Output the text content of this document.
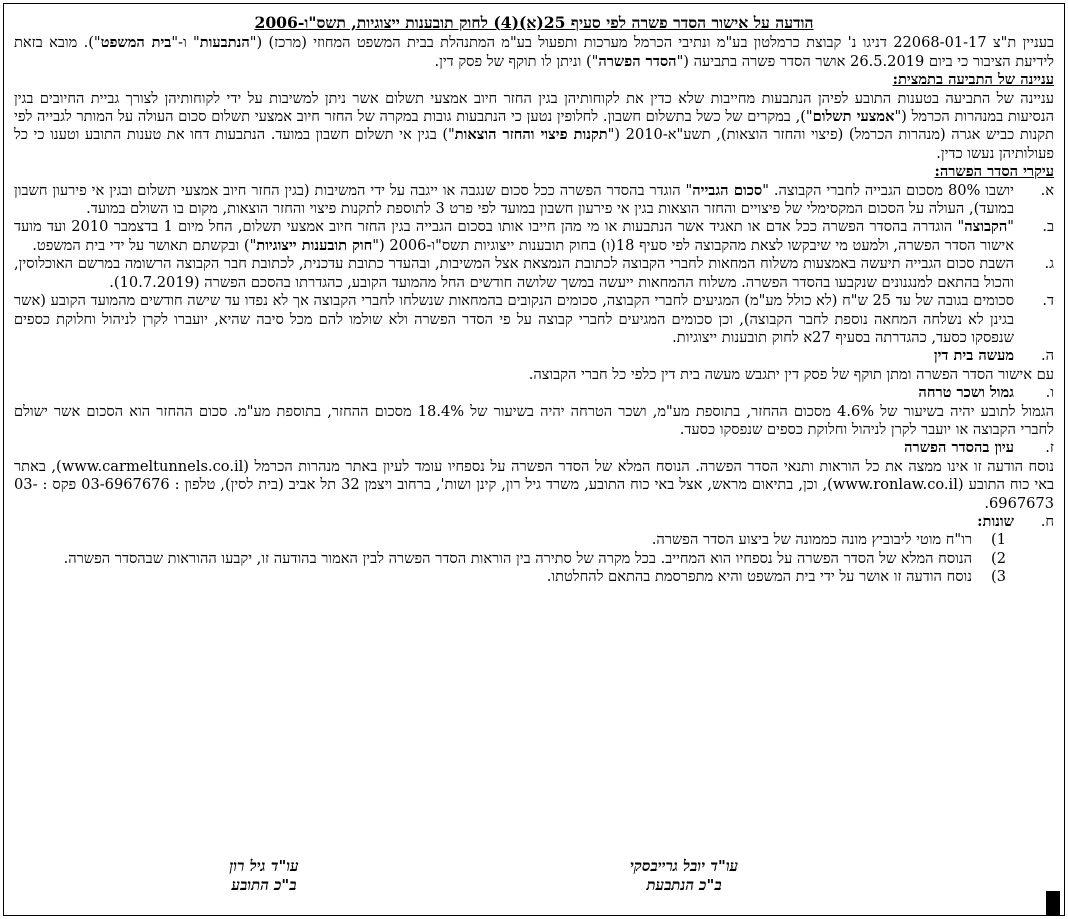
הודעה על אישור הסדר פשרה לפי סעיף 25(א)(4) לחוק תובענות ייצוגיות, תשס"ו-2006

בעניין ת"צ 22068-01-17 דניגו נ' קבוצת כרמלטון בע"מ ונתיבי הכרמל מערכות ותפעול בע"מ המתנהלת בבית המשפט המחוזי (מרכז) ("הנתבעות" ו-"בית המשפט"). מובא בזאת לידיעת הציבור כי ביום 26.5.2019 אושר הסדר פשרה בתביעה ("הסדר הפשרה") וניתן לו תוקף של פסק דין.

עניינה של התביעה בתמצית:

עניינה של התביעה בטענות התובע לפיהן הנתבעות מחייבות שלא כדין את לקוחותיהן בגין החזר חיוב אמצעי תשלום אשר ניתן למשיבות על ידי לקוחותיהן לצורך גביית החיובים בגין הנסיעות במנהרות הכרמל ("אמצעי תשלום"), במקרים של כשל בתשלום חשבון. לחלופין נטען כי הנתבעות גובות במקרה של החזר חיוב אמצעי תשלום סכום העולה על המותר לגבייה לפי תקנות כביש אגרה (מנהרות הכרמל) (פיצוי והחזר הוצאות), תשע"א-2010 ("תקנות פיצוי והחזר הוצאות") בגין אי תשלום חשבון במועד. הנתבעות דחו את טענות התובע וטענו כי כל פעולותיהן נעשו כדין.

עיקרי הסדר הפשרה:

א.
יושבו 80% מסכום הגבייה לחברי הקבוצה. "סכום הגבייה" הוגדר בהסדר הפשרה ככל סכום שנגבה או ייגבה על ידי המשיבות (בגין החזר חיוב אמצעי תשלום ובגין אי פירעון חשבון במועד), העולה על הסכום המקסימלי של פיצויים והחזר הוצאות בגין אי פירעון חשבון במועד לפי פרט 3 לתוספת לתקנות פיצוי והחזר הוצאות, מקום בו השולם במועד.

ב.
"הקבוצה" הוגדרה בהסדר הפשרה ככל אדם או תאגיד אשר הנתבעות או מי מהן חייבו אותו בסכום הגבייה בגין החזר חיוב אמצעי תשלום, החל מיום 1 בדצמבר 2010 ועד מועד אישור הסדר הפשרה, ולמעט מי שיבקשו לצאת מהקבוצה לפי סעיף 18(ו) בחוק תובענות ייצוגיות תשס"ו-2006 ("חוק תובענות ייצוגיות") ובקשתם תאושר על ידי בית המשפט.

ג.
השבת סכום הגבייה תיעשה באמצעות משלוח המחאות לחברי הקבוצה לכתובת הנמצאת אצל המשיבות, ובהעדר כתובת עדכנית, לכתובת חבר הקבוצה הרשומה במרשם האוכלוסין, והכול בהתאם למנגנונים שנקבעו בהסדר הפשרה. משלוח ההמחאות ייעשה במשך שלושה חודשים החל מהמועד הקובע, כהגדרתו בהסכם הפשרה (10.7.2019).

ד.
סכומים בגובה של עד 25 ש"ח (לא כולל מע"מ) המגיעים לחברי הקבוצה, סכומים הנקובים בהמחאות שנשלחו לחברי הקבוצה אך לא נפדו עד שישה חודשים מהמועד הקובע (אשר בגינן לא נשלחה המחאה נוספת לחבר הקבוצה), וכן סכומים המגיעים לחברי קבוצה על פי הסדר הפשרה ולא שולמו להם מכל סיבה שהיא, יועברו לקרן לניהול וחלוקת כספים שנפסקו כסעד, כהגדרתה בסעיף 27א לחוק תובענות ייצוגיות.

ה.
מעשה בית דין

עם אישור הסדר הפשרה ומתן תוקף של פסק דין יתגבש מעשה בית דין כלפי כל חברי הקבוצה.

ו.
גמול ושכר טרחה

הגמול לתובע יהיה בשיעור של 4.6% מסכום ההחזר, בתוספת מע"מ, ושכר הטרחה יהיה בשיעור של 18.4% מסכום ההחזר, בתוספת מע"מ. סכום ההחזר הוא הסכום אשר ישולם לחברי הקבוצה או יועבר לקרן לניהול וחלוקת כספים שנפסקו כסעד.

ז.
עיון בהסדר הפשרה

נוסח הודעה זו אינו ממצה את כל הוראות ותנאי הסדר הפשרה. הנוסח המלא של הסדר הפשרה על נספחיו עומד לעיון באתר מנהרות הכרמל (www.carmeltunnels.co.il), באתר באי כוח התובע (www.ronlaw.co.il), וכן, בתיאום מראש, אצל באי כוח התובע, משרד גיל רון, קינן ושות', ברחוב ויצמן 32 תל אביב (בית לסין), טלפון : 03-6967676 פקס : 03-6967673.

ח.
שונות:

1)
רו"ח מוטי ליבוביץ מונה כממונה של ביצוע הסדר הפשרה.

2)
הנוסח המלא של הסדר הפשרה על נספחיו הוא המחייב. בכל מקרה של סתירה בין הוראות הסדר הפשרה לבין האמור בהודעה זו, יקבעו ההוראות שבהסדר הפשרה.

3)
נוסח הודעה זו אושר על ידי בית המשפט והיא מתפרסמת בהתאם להחלטתו.

עו"ד יובל גרייבסקי
ב"כ הנתבעת
עו"ד גיל רון
ב"כ התובע
